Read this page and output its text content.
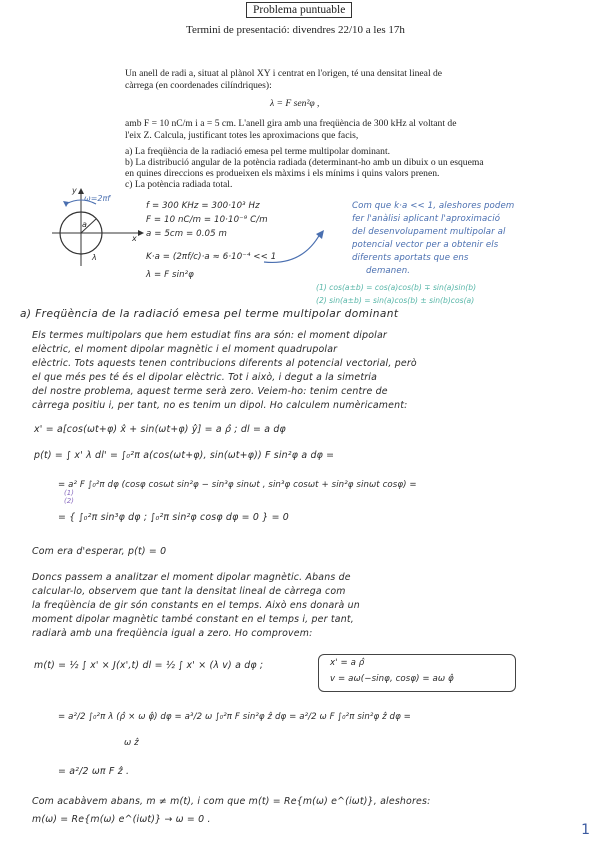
Problema puntuable
Termini de presentació: divendres 22/10 a les 17h
Un anell de radi a, situat al plànol XY i centrat en l'origen, té una densitat lineal de
càrrega (en coordenades cilíndriques):
λ = F sen²φ ,
amb F = 10 nC/m i a = 5 cm. L'anell gira amb una freqüència de 300 kHz al voltant de
l'eix Z. Calcula, justificant totes les aproximacions que facis,
a) La freqüència de la radiació emesa pel terme multipolar dominant.
b) La distribució angular de la potència radiada (determinant-ho amb un dibuix o un esquema
en quines direccions es produeixen els màxims i els mínims i quins valors prenen.
c) La potència radiada total.
y
x
ω=2πf
a
λ
f = 300 KHz = 300·10³ Hz
F = 10 nC/m = 10·10⁻⁹ C/m
a = 5cm = 0.05 m
K·a = (2πf/c)·a ≈ 6·10⁻⁴ << 1
λ = F sin²φ
Com que k·a << 1, aleshores podem
fer l'anàlisi aplicant l'aproximació
del desenvolupament multipolar al
potencial vector per a obtenir els
diferents aportats que ens
demanen.
(1) cos(a±b) = cos(a)cos(b) ∓ sin(a)sin(b)
(2) sin(a±b) = sin(a)cos(b) ± sin(b)cos(a)
a) Freqüència de la radiació emesa pel terme multipolar dominant
Els termes multipolars que hem estudiat fins ara són: el moment dipolar
elèctric, el moment dipolar magnètic i el moment quadrupolar
elèctric. Tots aquests tenen contribucions diferents al potencial vectorial, però
el que més pes té és el dipolar elèctric. Tot i això, i degut a la simetria
del nostre problema, aquest terme serà zero. Veiem-ho: tenim centre de
càrrega positiu i, per tant, no es tenim un dipol. Ho calculem numèricament:
x' = a[cos(ωt+φ) x̂ + sin(ωt+φ) ŷ] = a ρ̂ ; dl = a dφ
p(t) = ∫ x' λ dl' = ∫₀²π a(cos(ωt+φ), sin(ωt+φ)) F sin²φ a dφ =
= a² F ∫₀²π dφ (cosφ cosωt sin²φ − sin³φ sinωt , sin³φ cosωt + sin²φ sinωt cosφ) =
= { ∫₀²π sin³φ dφ ; ∫₀²π sin²φ cosφ dφ = 0 } = 0
(1)
(2)
Com era d'esperar, p(t) = 0
Doncs passem a analitzar el moment dipolar magnètic. Abans de
calcular-lo, observem que tant la densitat lineal de càrrega com
la freqüència de gir són constants en el temps. Això ens donarà un
moment dipolar magnètic també constant en el temps i, per tant,
radiarà amb una freqüència igual a zero. Ho comprovem:
m(t) = ½ ∫ x' × J(x',t) dl = ½ ∫ x' × (λ v) a dφ ;	x' = a ρ̂
v = aω(−sinφ, cosφ) = aω φ̂
= a²/2 ∫₀²π λ (ρ̂ × ω φ̂) dφ = a³/2 ω ∫₀²π F sin²φ ẑ dφ = a²/2 ω F ∫₀²π sin²φ ẑ dφ =
ω ẑ
= a²/2 ωπ F ẑ .
Com acabàvem abans, m ≠ m(t), i com que m(t) = Re{m(ω) e^(iωt)}, aleshores:
m(ω) = Re{m(ω) e^(iωt)} → ω = 0 .
1
